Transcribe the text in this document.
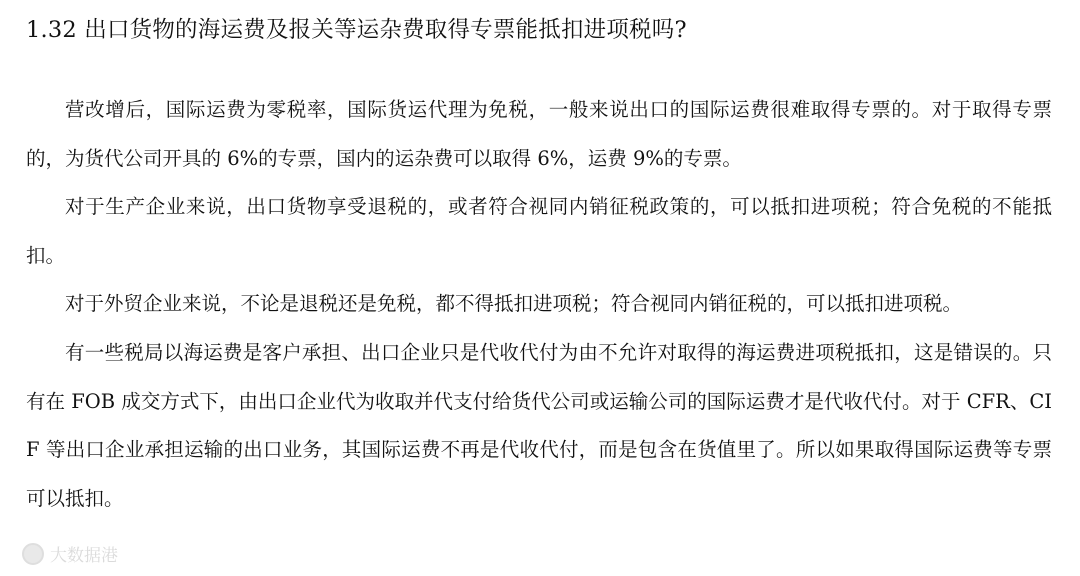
1.32 出口货物的海运费及报关等运杂费取得专票能抵扣进项税吗?

营改增后，国际运费为零税率，国际货运代理为免税，一般来说出口的国际运费很难取得专票的。对于取得专票的，为货代公司开具的 6%的专票，国内的运杂费可以取得 6%，运费 9%的专票。

对于生产企业来说，出口货物享受退税的，或者符合视同内销征税政策的，可以抵扣进项税；符合免税的不能抵扣。

对于外贸企业来说，不论是退税还是免税，都不得抵扣进项税；符合视同内销征税的，可以抵扣进项税。

有一些税局以海运费是客户承担、出口企业只是代收代付为由不允许对取得的海运费进项税抵扣，这是错误的。只有在 FOB 成交方式下，由出口企业代为收取并代支付给货代公司或运输公司的国际运费才是代收代付。对于 CFR、CIF 等出口企业承担运输的出口业务，其国际运费不再是代收代付，而是包含在货值里了。所以如果取得国际运费等专票可以抵扣。

大数据港
